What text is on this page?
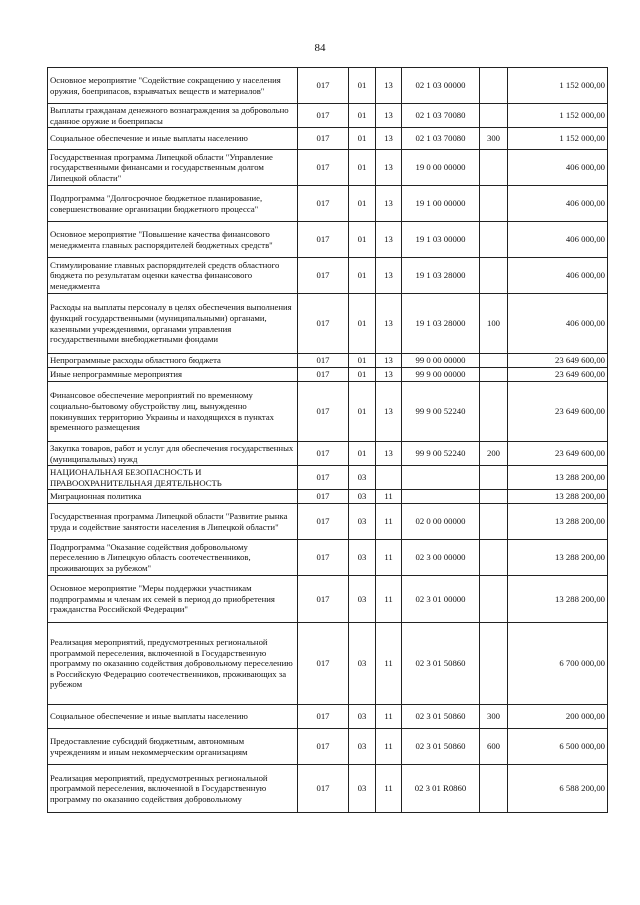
84
Основное мероприятие "Содействие сокращению у населения оружия, боеприпасов, взрывчатых веществ и материалов"	017	01	13	02 1 03 00000		1 152 000,00
Выплаты гражданам денежного вознаграждения за добровольно сданное оружие и боеприпасы	017	01	13	02 1 03 70080		1 152 000,00
Социальное обеспечение и иные выплаты населению	017	01	13	02 1 03 70080	300	1 152 000,00
Государственная программа Липецкой области "Управление государственными финансами и государственным долгом Липецкой области"	017	01	13	19 0 00 00000		406 000,00
Подпрограмма "Долгосрочное бюджетное планирование, совершенствование организации бюджетного процесса"	017	01	13	19 1 00 00000		406 000,00
Основное мероприятие "Повышение качества финансового менеджмента главных распорядителей бюджетных средств"	017	01	13	19 1 03 00000		406 000,00
Стимулирование главных распорядителей средств областного бюджета по результатам оценки качества финансового менеджмента	017	01	13	19 1 03 28000		406 000,00
Расходы на выплаты персоналу в целях обеспечения выполнения функций государственными (муниципальными) органами, казенными учреждениями, органами управления государственными внебюджетными фондами	017	01	13	19 1 03 28000	100	406 000,00
Непрограммные расходы областного бюджета	017	01	13	99 0 00 00000		23 649 600,00
Иные непрограммные мероприятия	017	01	13	99 9 00 00000		23 649 600,00
Финансовое обеспечение мероприятий по временному социально-бытовому обустройству лиц, вынужденно покинувших территорию Украины и находящихся в пунктах временного размещения	017	01	13	99 9 00 52240		23 649 600,00
Закупка товаров, работ и услуг для обеспечения государственных (муниципальных) нужд	017	01	13	99 9 00 52240	200	23 649 600,00
НАЦИОНАЛЬНАЯ БЕЗОПАСНОСТЬ И ПРАВООХРАНИТЕЛЬНАЯ ДЕЯТЕЛЬНОСТЬ	017	03				13 288 200,00
Миграционная политика	017	03	11			13 288 200,00
Государственная программа Липецкой области "Развитие рынка труда и содействие занятости населения в Липецкой области"	017	03	11	02 0 00 00000		13 288 200,00
Подпрограмма "Оказание содействия добровольному переселению в Липецкую область соотечественников, проживающих за рубежом"	017	03	11	02 3 00 00000		13 288 200,00
Основное мероприятие "Меры поддержки участникам подпрограммы и членам их семей в период до приобретения гражданства Российской Федерации"	017	03	11	02 3 01 00000		13 288 200,00
Реализация мероприятий, предусмотренных региональной программой переселения, включенной в Государственную программу по оказанию содействия добровольному переселению в Российскую Федерацию соотечественников, проживающих за рубежом	017	03	11	02 3 01 50860		6 700 000,00
Социальное обеспечение и иные выплаты населению	017	03	11	02 3 01 50860	300	200 000,00
Предоставление субсидий бюджетным, автономным учреждениям и иным некоммерческим организациям	017	03	11	02 3 01 50860	600	6 500 000,00
Реализация мероприятий, предусмотренных региональной программой переселения, включенной в Государственную программу по оказанию содействия добровольному	017	03	11	02 3 01 R0860		6 588 200,00
